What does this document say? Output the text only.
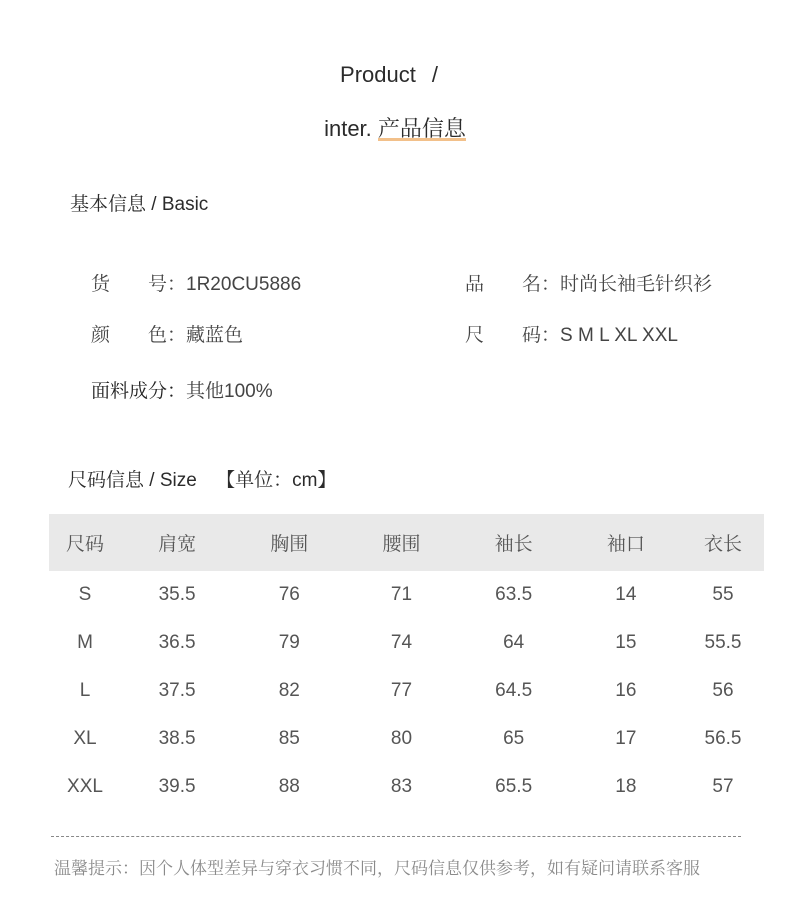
Product /
inter. 产品信息
基本信息 / Basic
货　　号：1R20CU5886	品　　名：时尚长袖毛针织衫
颜　　色：藏蓝色	尺　　码：S M L XL XXL
面料成分：其他100%
尺码信息 / Size 【单位：cm】
尺码	肩宽	胸围	腰围	袖长	袖口	衣长
S	35.5	76	71	63.5	14	55
M	36.5	79	74	64	15	55.5
L	37.5	82	77	64.5	16	56
XL	38.5	85	80	65	17	56.5
XXL	39.5	88	83	65.5	18	57
温馨提示：因个人体型差异与穿衣习惯不同，尺码信息仅供参考，如有疑问请联系客服
